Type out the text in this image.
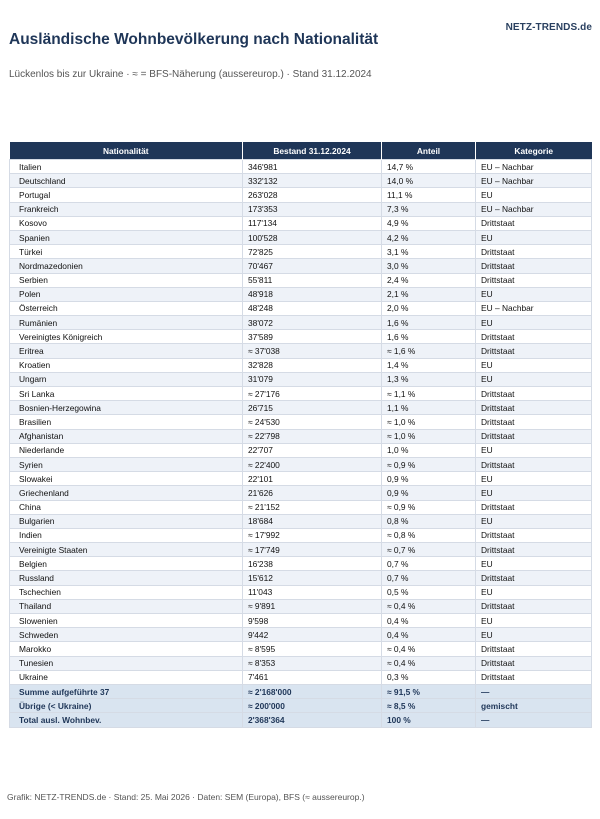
NETZ-TRENDS.de
Ausländische Wohnbevölkerung nach Nationalität
Lückenlos bis zur Ukraine · ≈ = BFS-Näherung (aussereurop.) · Stand 31.12.2024
Nationalität	Bestand 31.12.2024	Anteil	Kategorie
Italien	346'981	14,7 %	EU – Nachbar
Deutschland	332'132	14,0 %	EU – Nachbar
Portugal	263'028	11,1 %	EU
Frankreich	173'353	7,3 %	EU – Nachbar
Kosovo	117'134	4,9 %	Drittstaat
Spanien	100'528	4,2 %	EU
Türkei	72'825	3,1 %	Drittstaat
Nordmazedonien	70'467	3,0 %	Drittstaat
Serbien	55'811	2,4 %	Drittstaat
Polen	48'918	2,1 %	EU
Österreich	48'248	2,0 %	EU – Nachbar
Rumänien	38'072	1,6 %	EU
Vereinigtes Königreich	37'589	1,6 %	Drittstaat
Eritrea	≈ 37'038	≈ 1,6 %	Drittstaat
Kroatien	32'828	1,4 %	EU
Ungarn	31'079	1,3 %	EU
Sri Lanka	≈ 27'176	≈ 1,1 %	Drittstaat
Bosnien-Herzegowina	26'715	1,1 %	Drittstaat
Brasilien	≈ 24'530	≈ 1,0 %	Drittstaat
Afghanistan	≈ 22'798	≈ 1,0 %	Drittstaat
Niederlande	22'707	1,0 %	EU
Syrien	≈ 22'400	≈ 0,9 %	Drittstaat
Slowakei	22'101	0,9 %	EU
Griechenland	21'626	0,9 %	EU
China	≈ 21'152	≈ 0,9 %	Drittstaat
Bulgarien	18'684	0,8 %	EU
Indien	≈ 17'992	≈ 0,8 %	Drittstaat
Vereinigte Staaten	≈ 17'749	≈ 0,7 %	Drittstaat
Belgien	16'238	0,7 %	EU
Russland	15'612	0,7 %	Drittstaat
Tschechien	11'043	0,5 %	EU
Thailand	≈ 9'891	≈ 0,4 %	Drittstaat
Slowenien	9'598	0,4 %	EU
Schweden	9'442	0,4 %	EU
Marokko	≈ 8'595	≈ 0,4 %	Drittstaat
Tunesien	≈ 8'353	≈ 0,4 %	Drittstaat
Ukraine	7'461	0,3 %	Drittstaat
Summe aufgeführte 37	≈ 2'168'000	≈ 91,5 %	—
Übrige (< Ukraine)	≈ 200'000	≈ 8,5 %	gemischt
Total ausl. Wohnbev.	2'368'364	100 %	—
Grafik: NETZ-TRENDS.de · Stand: 25. Mai 2026 · Daten: SEM (Europa), BFS (≈ aussereurop.)
